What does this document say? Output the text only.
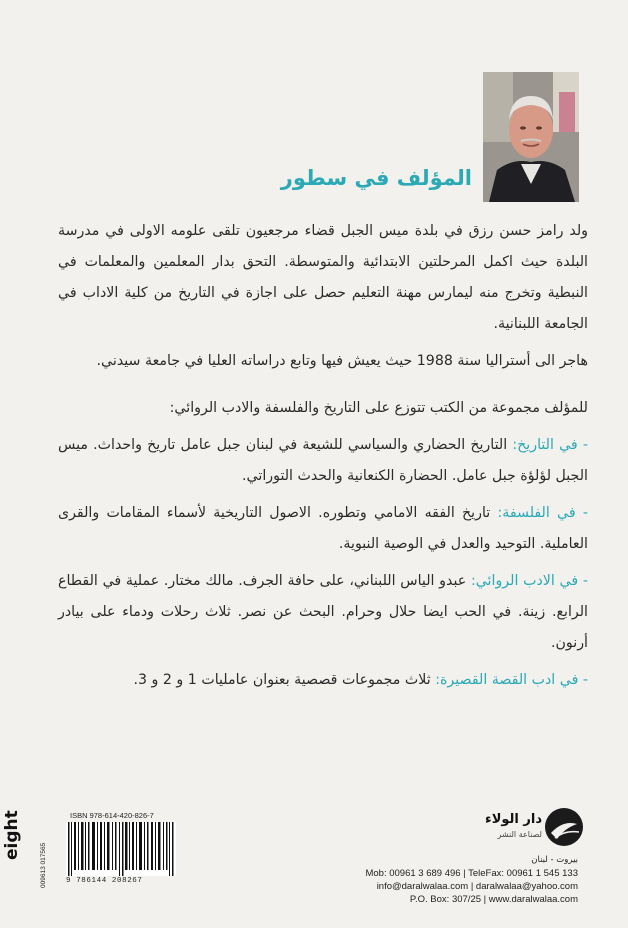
المؤلف في سطور

ولد رامز حسن رزق في بلدة ميس الجبل قضاء مرجعيون تلقى علومه الاولى في مدرسة البلدة حيث اكمل المرحلتين الابتدائية والمتوسطة. التحق بدار المعلمين والمعلمات في النبطية وتخرج منه ليمارس مهنة التعليم حصل على اجازة في التاريخ من كلية الاداب في الجامعة اللبنانية.

هاجر الى أستراليا سنة 1988 حيث يعيش فيها وتابع دراساته العليا في جامعة سيدني.

للمؤلف مجموعة من الكتب تتوزع على التاريخ والفلسفة والادب الروائي:

- في التاريخ: التاريخ الحضاري والسياسي للشيعة في لبنان جبل عامل تاريخ واحداث. ميس الجبل لؤلؤة جبل عامل. الحضارة الكنعانية والحدث التوراتي.

- في الفلسفة: تاريخ الفقه الامامي وتطوره. الاصول التاريخية لأسماء المقامات والقرى العاملية. التوحيد والعدل في الوصية النبوية.

- في الادب الروائي: عبدو الياس اللبناني، على حافة الجرف. مالك مختار. عملية في القطاع الرابع. زينة. في الحب ايضا حلال وحرام. البحث عن نصر. ثلاث رحلات ودماء على بيادر أرنون.

- في ادب القصة القصيرة: ثلاث مجموعات قصصية بعنوان عامليات 1 و 2 و 3.

eight
009613 017565
ISBN 978-614-420-826-7
9 786144 208267
دار الولاء
لصناعة النشر
بيروت - لبنان
Mob: 00961 3 689 496 | TeleFax: 00961 1 545 133
info@daralwalaa.com | daralwalaa@yahoo.com
P.O. Box: 307/25 | www.daralwalaa.com
